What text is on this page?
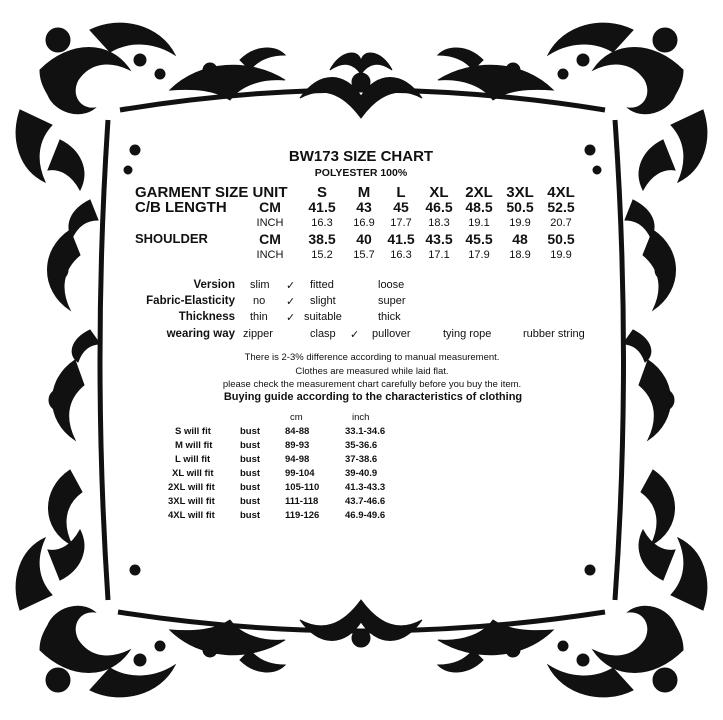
BW173 SIZE CHART
POLYESTER 100%
GARMENT SIZE UNIT S M L XL 2XL 3XL 4XL
C/B LENGTH CM 41.5 43 45 46.5 48.5 50.5 52.5
INCH	16.3 16.9 17.7 18.3 19.1 19.9 20.7
SHOULDER	CM 38.5 40 41.5 43.5 45.5 48 50.5
INCH	15.2 15.7 16.3 17.1 17.9 18.9 19.9
Version slim ✓ fitted	loose
Fabric-Elasticity no ✓ slight	super
Thickness thin ✓ suitable	thick
wearing way zipper	clasp ✓ pullover	tying rope	rubber string
There is 2-3% difference according to manual measurement.
Clothes are measured while laid flat.
please check the measurement chart carefully before you buy the item.
Buying guide according to the characteristics of clothing
cm	inch
S will fit	bust	84-88	33.1-34.6
M will fit	bust	89-93	35-36.6
L will fit	bust	94-98	37-38.6
XL will fit	bust	99-104	39-40.9
2XL will fit	bust	105-110	41.3-43.3
3XL will fit	bust	111-118	43.7-46.6
4XL will fit	bust	119-126	46.9-49.6
